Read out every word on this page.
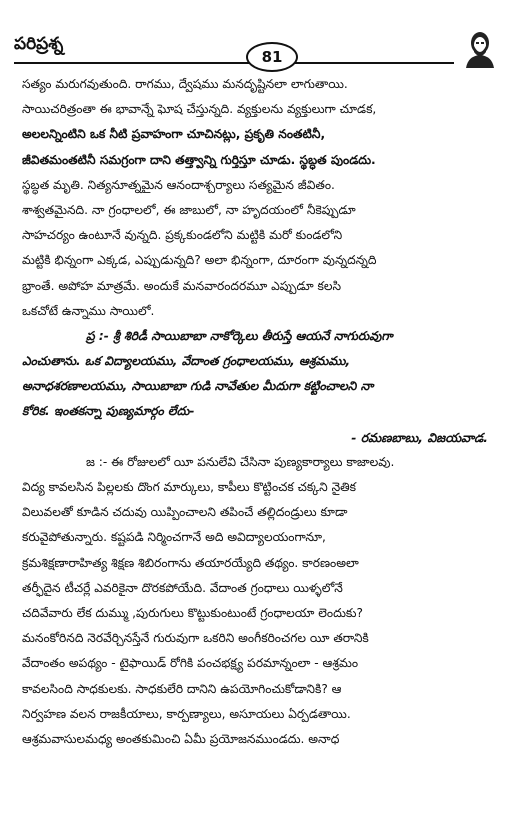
పరిప్రశ్న
81
సత్యం మరుగవుతుంది. రాగము, ద్వేషము మనదృష్టినలా లాగుతాయి.
సాయిచరిత్రంతా ఈ భావాన్నే ఘోష చేస్తున్నది. వ్యక్తులను వ్యక్తులుగా చూడక,
అలలన్నింటిని ఒక నీటి ప్రవాహంగా చూచినట్లు, ప్రకృతి నంతటినీ,
జీవితమంతటినీ సమగ్రంగా దాని తత్త్వాన్ని గుర్తిస్తూ చూడు. స్థబ్ధత పుండదు.
స్థబ్ధత మృతి. నిత్యనూత్నమైన ఆనందాశ్చర్యాలు సత్యమైన జీవితం.
శాశ్వతమైనది. నా గ్రంధాలలో, ఈ జాబులో, నా హృదయంలో నీకెప్పుడూ
సాహచర్యం ఉంటూనే వున్నది. ప్రక్కకుండలోని మట్టికి మరో కుండలోని
మట్టికి భిన్నంగా ఎక్కడ, ఎప్పుడున్నది? అలా భిన్నంగా, దూరంగా వున్నదన్నది
భ్రాంతే. అపోహ మాత్రమే. అందుకే మనవారందరమూ ఎప్పుడూ కలసి
ఒకచోటే ఉన్నాము సాయిలో.
ప్ర :- శ్రీ శిరిడీ సాయిబాబా నాకోర్కెలు తీరుస్తే ఆయనే నాగురువుగా
ఎంచుతాను. ఒక విద్యాలయము, వేదాంత గ్రంధాలయము, ఆశ్రమము,
అనాధశరణాలయము, సాయిబాబా గుడి నావేతుల మీదుగా కట్టించాలని నా
కోరిక. ఇంతకన్నా పుణ్యమార్గం లేదు-
- రమణబాబు, విజయవాడ.
జ :- ఈ రోజులలో యీ పనులేవి చేసినా పుణ్యకార్యాలు కాజాలవు.
విద్య కావలసిన పిల్లలకు దొంగ మార్కులు, కాపీలు కొట్టించక చక్కని నైతిక
విలువలతో కూడిన చదువు యిప్పించాలని తపించే తల్లిదండ్రులు కూడా
కరువైపోతున్నారు. కష్టపడి నిర్మించగానే అది అవిద్యాలయంగానూ,
క్రమశిక్షణారాహిత్య శిక్షణ శిబిరంగాను తయారయ్యేది తథ్యం. కారణంఅలా
తర్ఫీదైన టీచర్లే ఎవరికైనా దొరకపోయేది. వేదాంత గ్రంధాలు యిళ్ళలోనే
చదివేవారు లేక దుమ్ము ,పురుగులు కొట్టుకుంటుంటే గ్రంధాలయా లెందుకు?
మనంకోరినది నెరవేర్చినస్తేనే గురువుగా ఒకరిని అంగీకరించగల యీ తరానికి
వేదాంతం అపథ్యం - టైఫాయిడ్ రోగికి పంచభక్ష్య పరమాన్నంలా - ఆశ్రమం
కావలసింది సాధకులకు. సాధకులేరి దానిని ఉపయోగించుకోడానికి? ఆ
నిర్వహణ వలన రాజకీయాలు, కార్పణ్యాలు, అసూయలు ఏర్పడతాయి.
ఆశ్రమవాసులమధ్య అంతకుమించి ఏమీ ప్రయోజనముండదు. అనాధ
